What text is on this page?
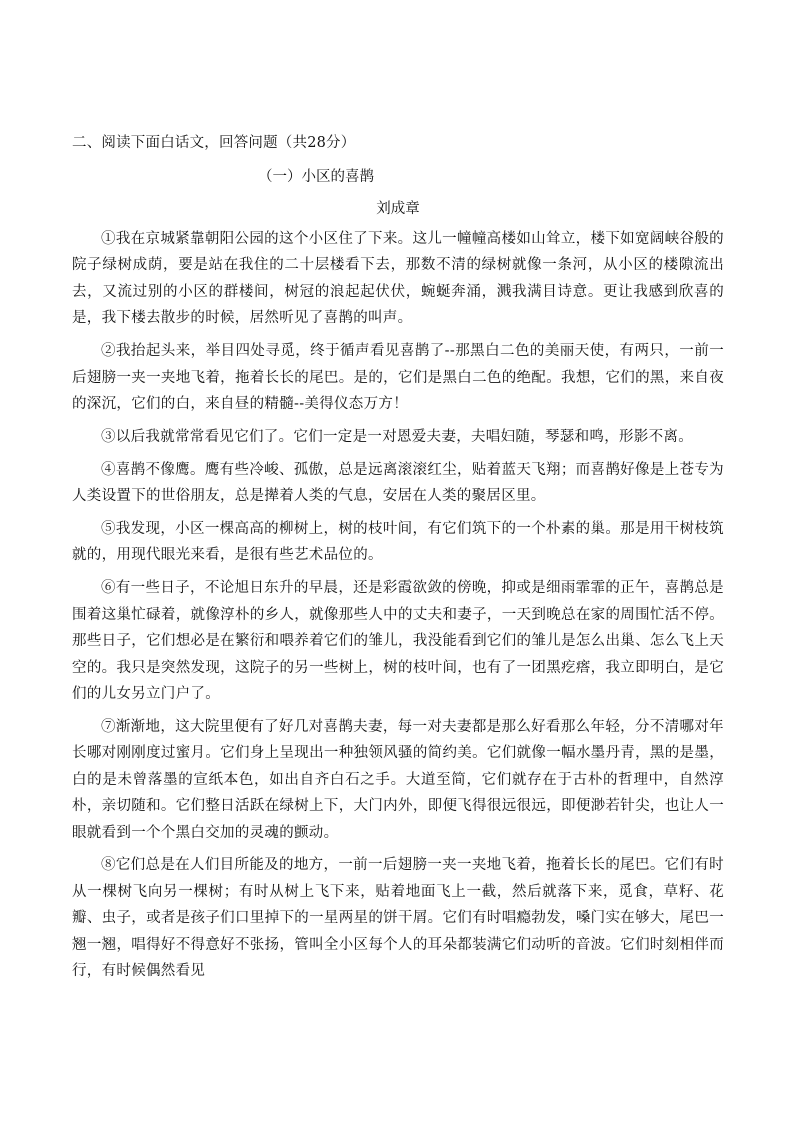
二、阅读下面白话文，回答问题（共28分）
（一）小区的喜鹊
刘成章

①我在京城紧靠朝阳公园的这个小区住了下来。这儿一幢幢高楼如山耸立，楼下如宽阔峡谷般的院子绿树成荫，要是站在我住的二十层楼看下去，那数不清的绿树就像一条河，从小区的楼隙流出去，又流过别的小区的群楼间，树冠的浪起起伏伏，蜿蜒奔涌，溅我满目诗意。更让我感到欣喜的是，我下楼去散步的时候，居然听见了喜鹊的叫声。

②我抬起头来，举目四处寻觅，终于循声看见喜鹊了--那黑白二色的美丽天使，有两只，一前一后翅膀一夹一夹地飞着，拖着长长的尾巴。是的，它们是黑白二色的绝配。我想，它们的黑，来自夜的深沉，它们的白，来自昼的精髓--美得仪态万方！

③以后我就常常看见它们了。它们一定是一对恩爱夫妻，夫唱妇随，琴瑟和鸣，形影不离。

④喜鹊不像鹰。鹰有些冷峻、孤傲，总是远离滚滚红尘，贴着蓝天飞翔；而喜鹊好像是上苍专为人类设置下的世俗朋友，总是撵着人类的气息，安居在人类的聚居区里。

⑤我发现，小区一棵高高的柳树上，树的枝叶间，有它们筑下的一个朴素的巢。那是用干树枝筑就的，用现代眼光来看，是很有些艺术品位的。

⑥有一些日子，不论旭日东升的早晨，还是彩霞欲敛的傍晚，抑或是细雨霏霏的正午，喜鹊总是围着这巢忙碌着，就像淳朴的乡人，就像那些人中的丈夫和妻子，一天到晚总在家的周围忙活不停。那些日子，它们想必是在繁衍和喂养着它们的雏儿，我没能看到它们的雏儿是怎么出巢、怎么飞上天空的。我只是突然发现，这院子的另一些树上，树的枝叶间，也有了一团黑疙瘩，我立即明白，是它们的儿女另立门户了。

⑦渐渐地，这大院里便有了好几对喜鹊夫妻，每一对夫妻都是那么好看那么年轻，分不清哪对年长哪对刚刚度过蜜月。它们身上呈现出一种独领风骚的简约美。它们就像一幅水墨丹青，黑的是墨，白的是未曾落墨的宣纸本色，如出自齐白石之手。大道至简，它们就存在于古朴的哲理中，自然淳朴，亲切随和。它们整日活跃在绿树上下，大门内外，即便飞得很远很远，即便渺若针尖，也让人一眼就看到一个个黑白交加的灵魂的颤动。

⑧它们总是在人们目所能及的地方，一前一后翅膀一夹一夹地飞着，拖着长长的尾巴。它们有时从一棵树飞向另一棵树；有时从树上飞下来，贴着地面飞上一截，然后就落下来，觅食，草籽、花瓣、虫子，或者是孩子们口里掉下的一星两星的饼干屑。它们有时唱瘾勃发，嗓门实在够大，尾巴一翘一翘，唱得好不得意好不张扬，管叫全小区每个人的耳朵都装满它们动听的音波。它们时刻相伴而行，有时候偶然看见
